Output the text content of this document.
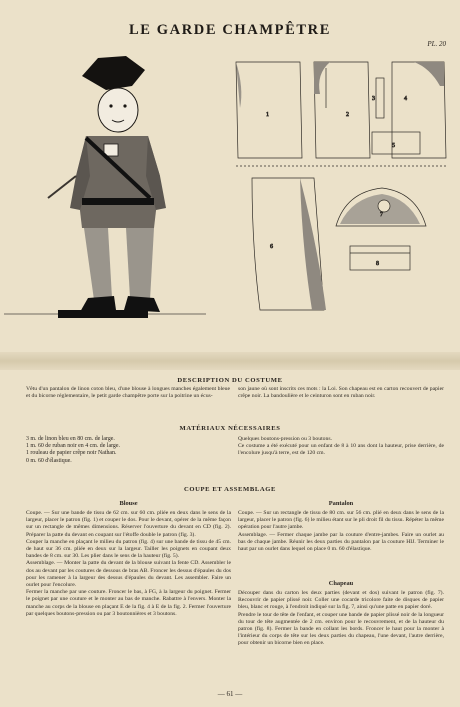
LE GARDE CHAMPÊTRE
PL. 20
1	2
3	4
5
6
7
8
DESCRIPTION DU COSTUME
Vêtu d'un pantalon de linon coton bleu, d'une blouse à longues manches également bleue et du bicorne réglementaire, le petit garde champêtre porte sur la poitrine un écus-
son jaune où sont inscrits ces mots : la Loi. Son chapeau est en carton recouvert de papier crêpe noir. La bandoulière et le ceinturon sont en ruban noir.
MATÉRIAUX NÉCESSAIRES
3 m. de linon bleu en 80 cm. de large.
1 m. 60 de ruban noir en 4 cm. de large.
1 rouleau de papier crêpe noir Nathan.
0 m. 60 d'élastique.
Quelques boutons-pression ou 3 boutons.
Ce costume a été exécuté pour un enfant de 8 à 10 ans dont la hauteur, prise derrière, de l'encolure jusqu'à terre, est de 120 cm.
COUPE ET ASSEMBLAGE
Blouse
Coupe. — Sur une bande de tissu de 62 cm. sur 60 cm. pliée en deux dans le sens de la largeur, placer le patron (fig. 1) et couper le dos. Pour le devant, opérer de la même façon sur un rectangle de mêmes dimensions. Réserver l'ouverture du devant en CD (fig. 2). Préparer la patte du devant en coupant sur l'étoffe double le patron (fig. 3).
Couper la manche en plaçant le milieu du patron (fig. 4) sur une bande de tissu de 45 cm. de haut sur 36 cm. pliée en deux sur la largeur. Tailler les poignets en coupant deux bandes de 8 cm. sur 30. Les plier dans le sens de la hauteur (fig. 5).
Assemblage. — Monter la patte du devant de la blouse suivant la fente CD. Assembler le dos au devant par les coutures de dessous de bras AB. Froncer les dessus d'épaules du dos pour les ramener à la largeur des dessus d'épaules du devant. Les assembler. Faire un ourlet pour l'encolure.
Fermer la manche par une couture. Froncer le bas, à FG, à la largeur du poignet. Fermer le poignet par une couture et le monter au bas de manche. Rabattre à l'envers. Monter la manche au corps de la blouse en plaçant E de la fig. 4 à E de la fig. 2. Fermer l'ouverture par quelques boutons-pression ou par 3 boutonnières et 3 boutons.
Pantalon
Coupe. — Sur un rectangle de tissu de 80 cm. sur 56 cm. plié en deux dans le sens de la largeur, placer le patron (fig. 6) le milieu étant sur le pli droit fil du tissu. Répéter la même opération pour l'autre jambe.
Assemblage. — Fermer chaque jambe par la couture d'entre-jambes. Faire un ourlet au bas de chaque jambe. Réunir les deux parties du pantalon par la couture HIJ. Terminer le haut par un ourlet dans lequel on place 0 m. 60 d'élastique.
Chapeau
Découper dans du carton les deux parties (devant et dos) suivant le patron (fig. 7). Recouvrir de papier plissé noir. Coller une cocarde tricolore faite de disques de papier bleu, blanc et rouge, à l'endroit indiqué sur la fig. 7, ainsi qu'une patte en papier doré.
Prendre le tour de tête de l'enfant, et couper une bande de papier plissé noir de la longueur du tour de tête augmentée de 2 cm. environ pour le recouvrement, et de la hauteur du patron (fig. 8). Fermer la bande en collant les bords. Froncer le haut pour la monter à l'intérieur du corps de tête sur les deux parties du chapeau, l'une devant, l'autre derrière, pour obtenir un bicorne bien en place.
— 61 —
